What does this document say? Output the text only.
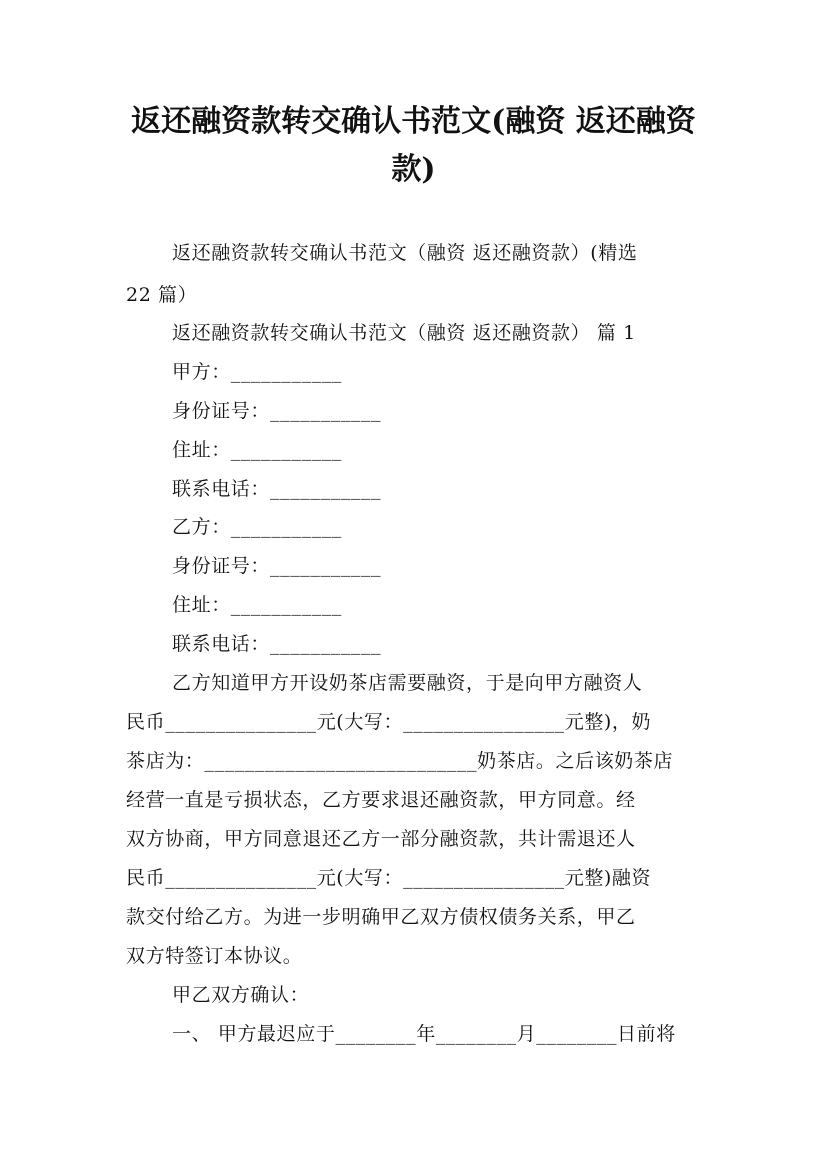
返还融资款转交确认书范文(融资 返还融资
款)
返还融资款转交确认书范文（融资 返还融资款）(精选
22 篇）
返还融资款转交确认书范文（融资 返还融资款） 篇 1
甲方：___________
身份证号：___________
住址：___________
联系电话：___________
乙方：___________
身份证号：___________
住址：___________
联系电话：___________
乙方知道甲方开设奶茶店需要融资，于是向甲方融资人
民币_______________元(大写：________________元整)，奶
茶店为：___________________________奶茶店。之后该奶茶店
经营一直是亏损状态，乙方要求退还融资款，甲方同意。经
双方协商，甲方同意退还乙方一部分融资款，共计需退还人
民币_______________元(大写：________________元整)融资
款交付给乙方。为进一步明确甲乙双方债权债务关系，甲乙
双方特签订本协议。
甲乙双方确认：
一、 甲方最迟应于________年________月________日前将
